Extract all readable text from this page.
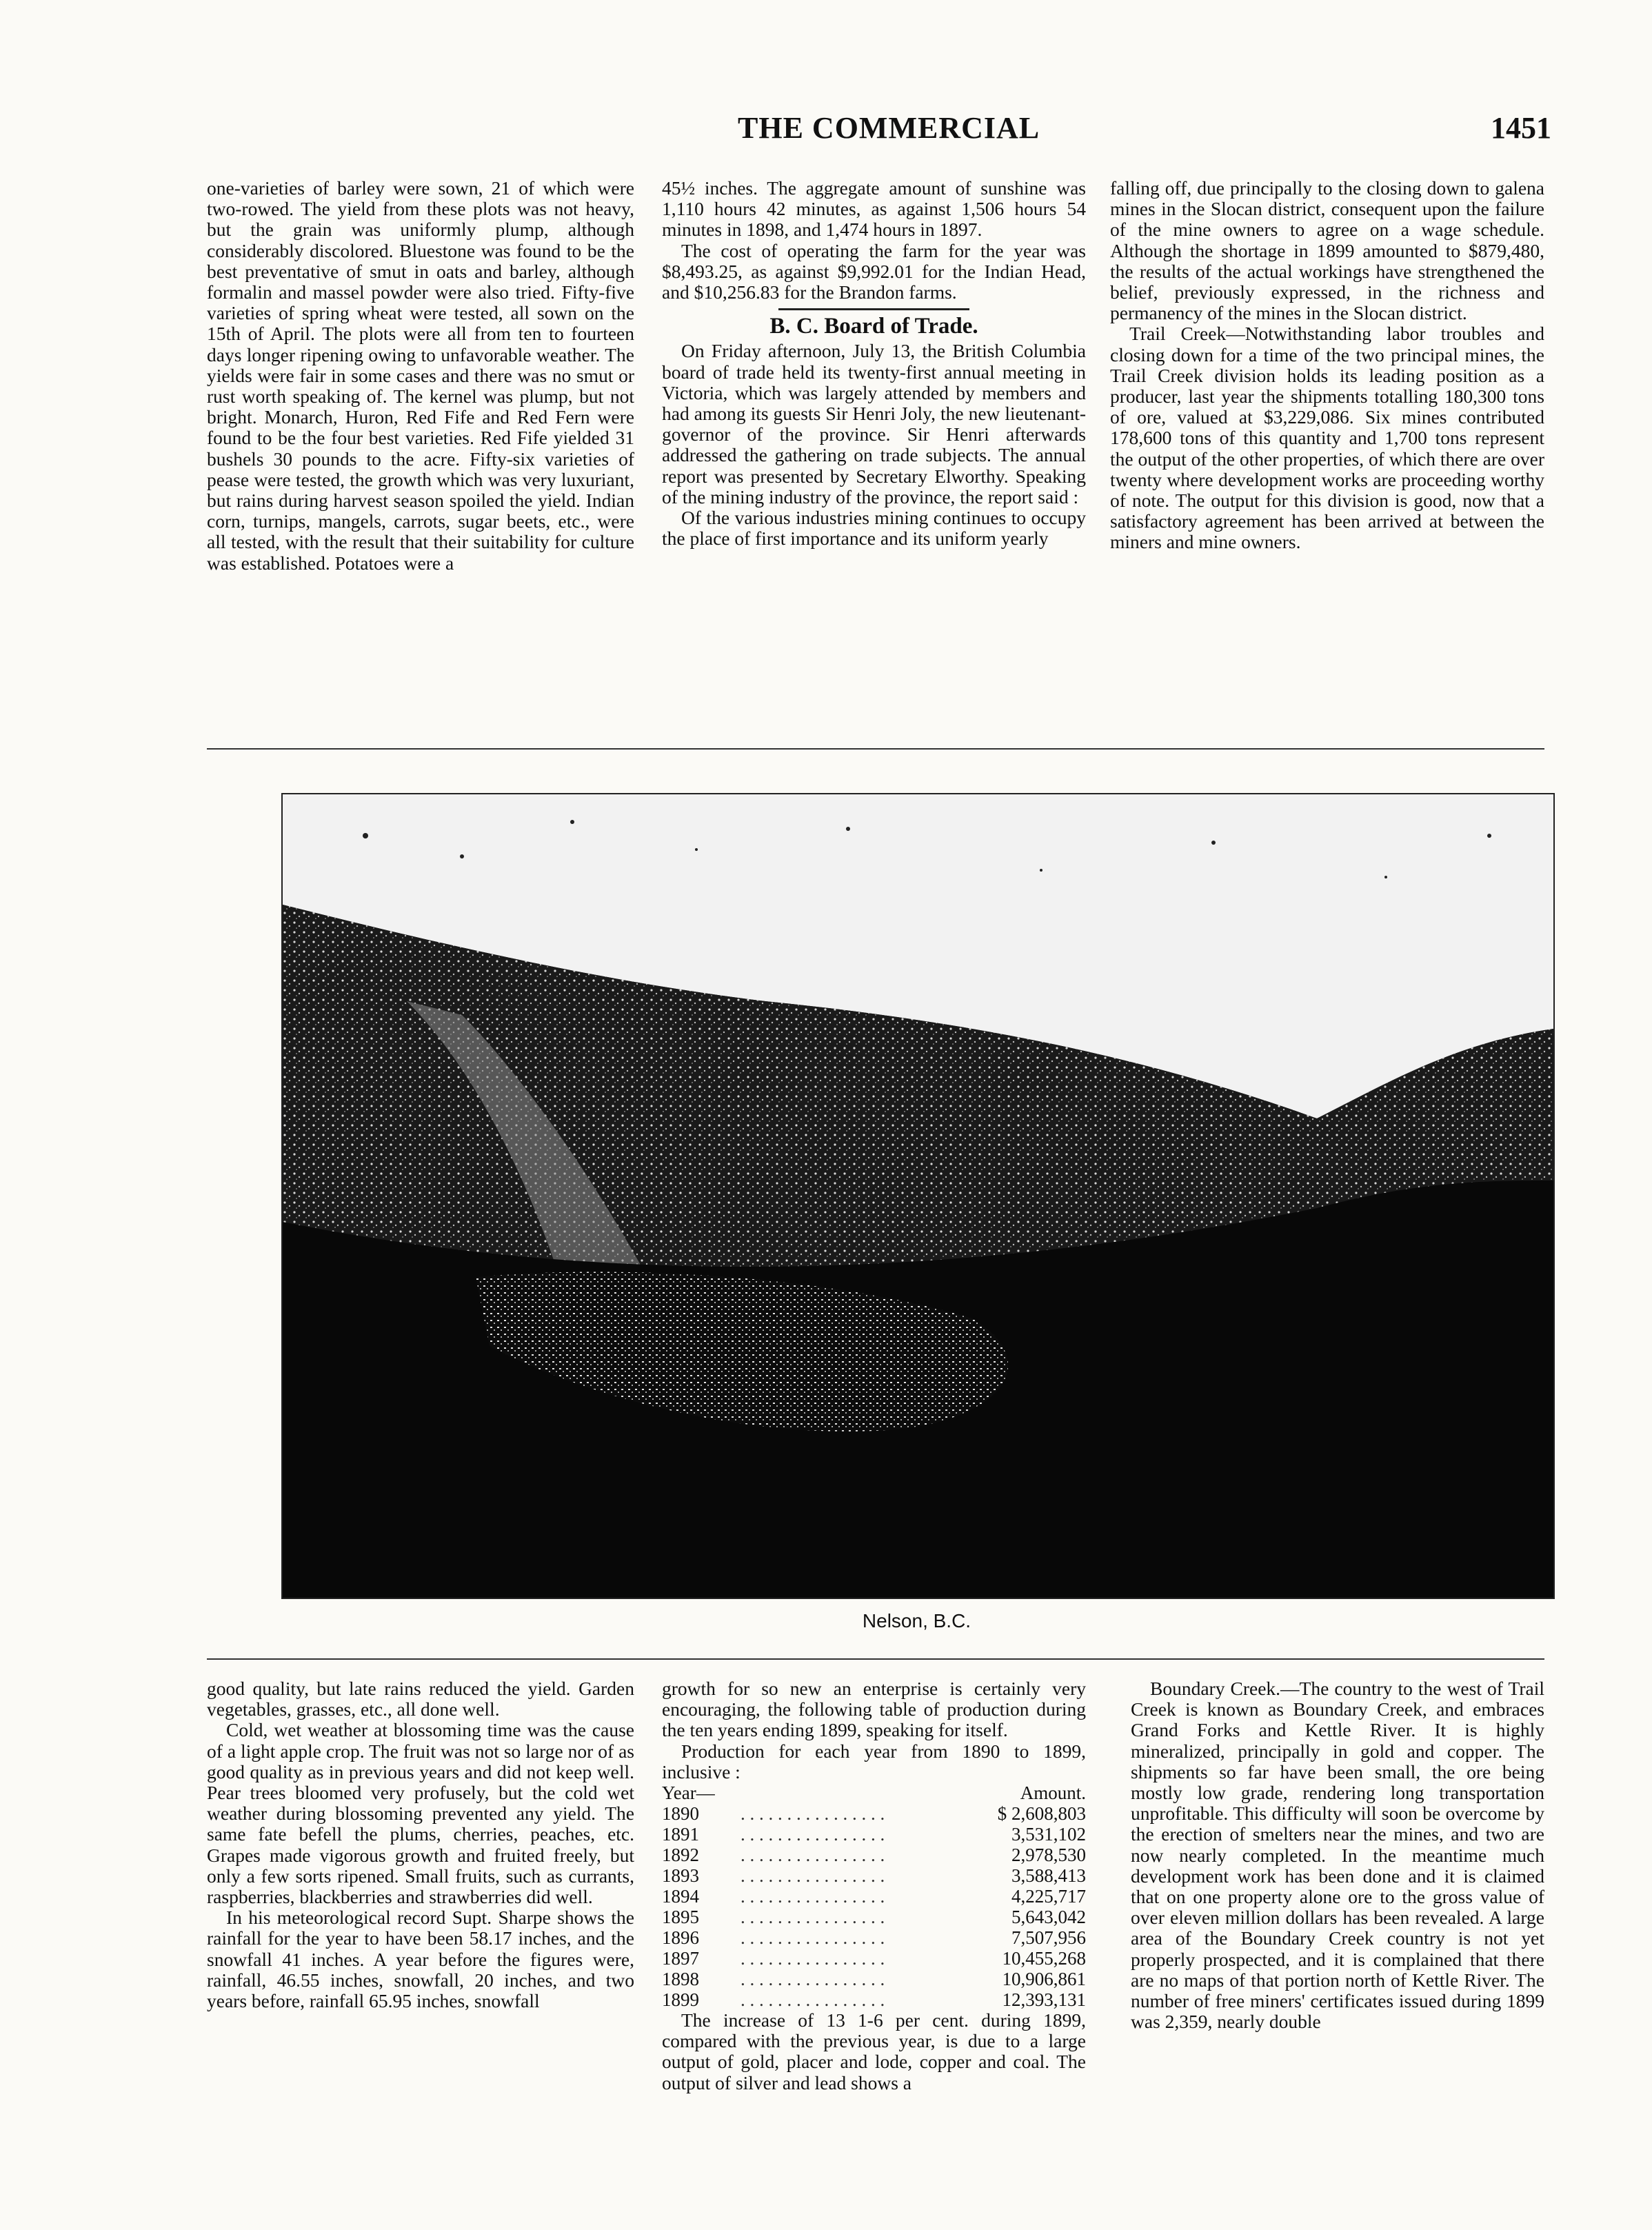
THE COMMERCIAL	1451

one-varieties of barley were sown, 21 of which were two-rowed. The yield from these plots was not heavy, but the grain was uniformly plump, although considerably discolored. Bluestone was found to be the best preventative of smut in oats and barley, although formalin and massel powder were also tried. Fifty-five varieties of spring wheat were tested, all sown on the 15th of April. The plots were all from ten to fourteen days longer ripening owing to unfavorable weather. The yields were fair in some cases and there was no smut or rust worth speaking of. The kernel was plump, but not bright. Monarch, Huron, Red Fife and Red Fern were found to be the four best varieties. Red Fife yielded 31 bushels 30 pounds to the acre. Fifty-six varieties of pease were tested, the growth which was very luxuriant, but rains during harvest season spoiled the yield. Indian corn, turnips, mangels, carrots, sugar beets, etc., were all tested, with the result that their suitability for culture was established. Potatoes were a

45½ inches. The aggregate amount of sunshine was 1,110 hours 42 minutes, as against 1,506 hours 54 minutes in 1898, and 1,474 hours in 1897.

The cost of operating the farm for the year was $8,493.25, as against $9,992.01 for the Indian Head, and $10,256.83 for the Brandon farms.

B. C. Board of Trade.

On Friday afternoon, July 13, the British Columbia board of trade held its twenty-first annual meeting in Victoria, which was largely attended by members and had among its guests Sir Henri Joly, the new lieutenant-governor of the province. Sir Henri afterwards addressed the gathering on trade subjects. The annual report was presented by Secretary Elworthy. Speaking of the mining industry of the province, the report said :

Of the various industries mining continues to occupy the place of first importance and its uniform yearly

falling off, due principally to the closing down to galena mines in the Slocan district, consequent upon the failure of the mine owners to agree on a wage schedule. Although the shortage in 1899 amounted to $879,480, the results of the actual workings have strengthened the belief, previously expressed, in the richness and permanency of the mines in the Slocan district.

Trail Creek—Notwithstanding labor troubles and closing down for a time of the two principal mines, the Trail Creek division holds its leading position as a producer, last year the shipments totalling 180,300 tons of ore, valued at $3,229,086. Six mines contributed 178,600 tons of this quantity and 1,700 tons represent the output of the other properties, of which there are over twenty where development works are proceeding worthy of note. The output for this division is good, now that a satisfactory agreement has been arrived at between the miners and mine owners.

Nelson, B.C.

good quality, but late rains reduced the yield. Garden vegetables, grasses, etc., all done well.

Cold, wet weather at blossoming time was the cause of a light apple crop. The fruit was not so large nor of as good quality as in previous years and did not keep well. Pear trees bloomed very profusely, but the cold wet weather during blossoming prevented any yield. The same fate befell the plums, cherries, peaches, etc. Grapes made vigorous growth and fruited freely, but only a few sorts ripened. Small fruits, such as currants, raspberries, blackberries and strawberries did well.

In his meteorological record Supt. Sharpe shows the rainfall for the year to have been 58.17 inches, and the snowfall 41 inches. A year before the figures were, rainfall, 46.55 inches, snowfall, 20 inches, and two years before, rainfall 65.95 inches, snowfall

growth for so new an enterprise is certainly very encouraging, the following table of production during the ten years ending 1899, speaking for itself.

Production for each year from 1890 to 1899, inclusive :

Year—		Amount.
1890	. . . . . . . . . . . . . . . .	$ 2,608,803
1891	. . . . . . . . . . . . . . . .	3,531,102
1892	. . . . . . . . . . . . . . . .	2,978,530
1893	. . . . . . . . . . . . . . . .	3,588,413
1894	. . . . . . . . . . . . . . . .	4,225,717
1895	. . . . . . . . . . . . . . . .	5,643,042
1896	. . . . . . . . . . . . . . . .	7,507,956
1897	. . . . . . . . . . . . . . . .	10,455,268
1898	. . . . . . . . . . . . . . . .	10,906,861
1899	. . . . . . . . . . . . . . . .	12,393,131

The increase of 13 1-6 per cent. during 1899, compared with the previous year, is due to a large output of gold, placer and lode, copper and coal. The output of silver and lead shows a

Boundary Creek.—The country to the west of Trail Creek is known as Boundary Creek, and embraces Grand Forks and Kettle River. It is highly mineralized, principally in gold and copper. The shipments so far have been small, the ore being mostly low grade, rendering long transportation unprofitable. This difficulty will soon be overcome by the erection of smelters near the mines, and two are now nearly completed. In the meantime much development work has been done and it is claimed that on one property alone ore to the gross value of over eleven million dollars has been revealed. A large area of the Boundary Creek country is not yet properly prospected, and it is complained that there are no maps of that portion north of Kettle River. The number of free miners' certificates issued during 1899 was 2,359, nearly double
